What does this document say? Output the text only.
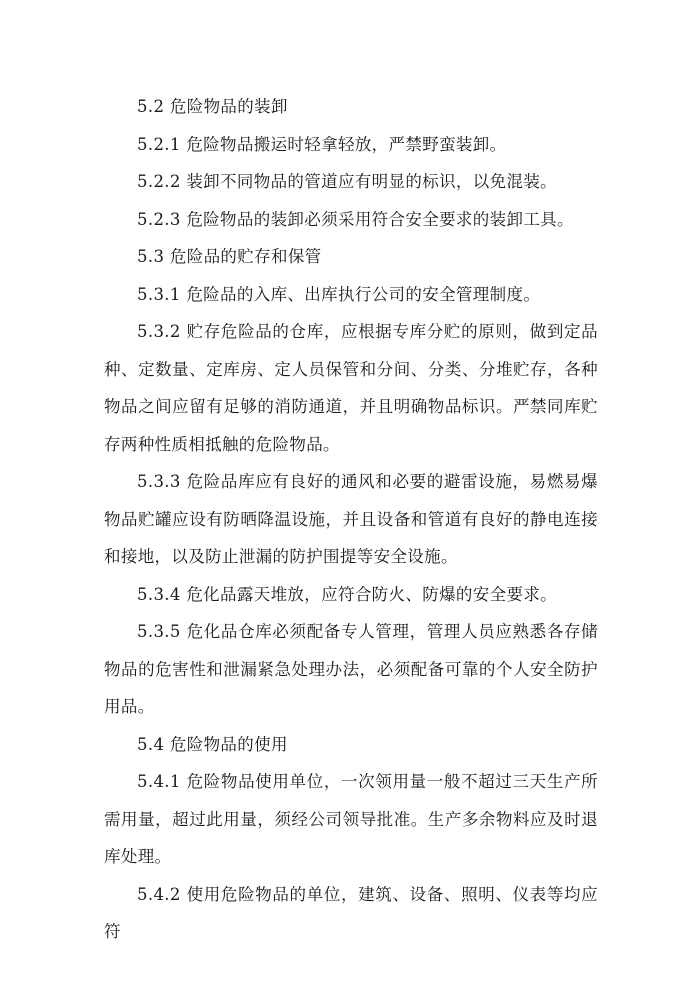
5.2 危险物品的装卸

5.2.1 危险物品搬运时轻拿轻放，严禁野蛮装卸。

5.2.2 装卸不同物品的管道应有明显的标识，以免混装。

5.2.3 危险物品的装卸必须采用符合安全要求的装卸工具。

5.3 危险品的贮存和保管

5.3.1 危险品的入库、出库执行公司的安全管理制度。

5.3.2 贮存危险品的仓库，应根据专库分贮的原则，做到定品种、定数量、定库房、定人员保管和分间、分类、分堆贮存，各种物品之间应留有足够的消防通道，并且明确物品标识。严禁同库贮存两种性质相抵触的危险物品。

5.3.3 危险品库应有良好的通风和必要的避雷设施，易燃易爆物品贮罐应设有防晒降温设施，并且设备和管道有良好的静电连接和接地，以及防止泄漏的防护围提等安全设施。

5.3.4 危化品露天堆放，应符合防火、防爆的安全要求。

5.3.5 危化品仓库必须配备专人管理，管理人员应熟悉各存储物品的危害性和泄漏紧急处理办法，必须配备可靠的个人安全防护用品。

5.4 危险物品的使用

5.4.1 危险物品使用单位，一次领用量一般不超过三天生产所需用量，超过此用量，须经公司领导批准。生产多余物料应及时退库处理。

5.4.2 使用危险物品的单位，建筑、设备、照明、仪表等均应符
